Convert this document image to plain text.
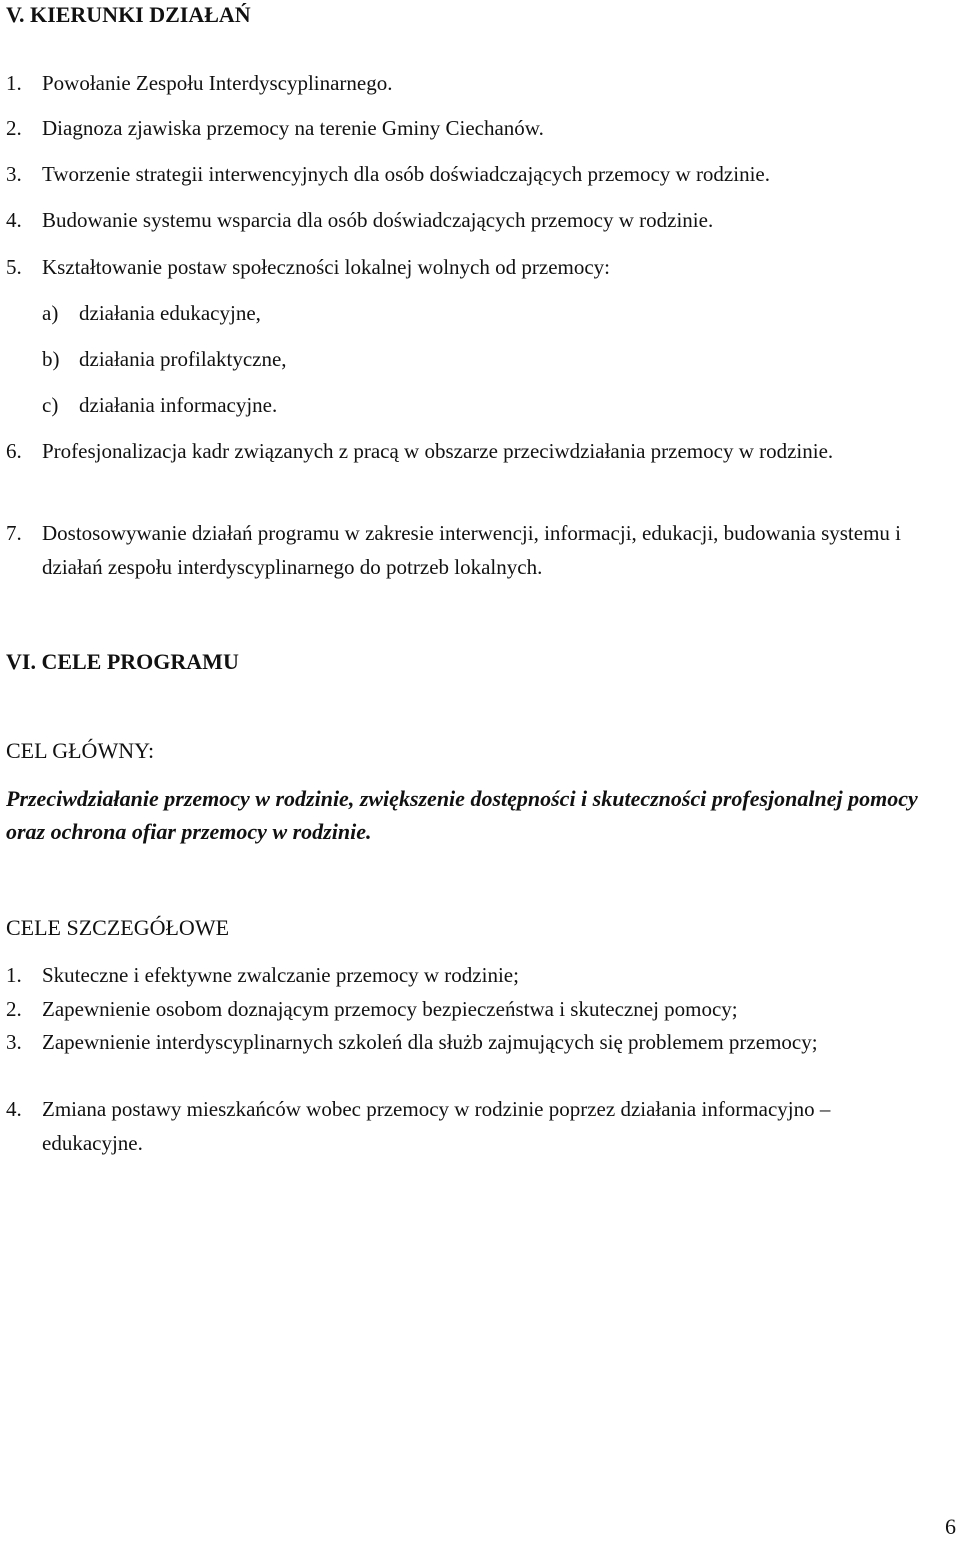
V. KIERUNKI DZIAŁAŃ
1. Powołanie Zespołu Interdyscyplinarnego.
2. Diagnoza zjawiska przemocy na terenie Gminy Ciechanów.
3. Tworzenie strategii interwencyjnych dla osób doświadczających przemocy w rodzinie.
4. Budowanie systemu wsparcia dla osób doświadczających przemocy w rodzinie.
5. Kształtowanie postaw społeczności lokalnej wolnych od przemocy:
a) działania edukacyjne,
b) działania profilaktyczne,
c) działania informacyjne.
6. Profesjonalizacja kadr związanych z pracą w obszarze przeciwdziałania przemocy w rodzinie.
7. Dostosowywanie działań programu w zakresie interwencji, informacji, edukacji, budowania systemu i działań zespołu interdyscyplinarnego do potrzeb lokalnych.
VI. CELE PROGRAMU
CEL GŁÓWNY:
Przeciwdziałanie przemocy w rodzinie, zwiększenie dostępności i skuteczności profesjonalnej pomocy oraz ochrona ofiar przemocy w rodzinie.
CELE SZCZEGÓŁOWE
1. Skuteczne i efektywne zwalczanie przemocy w rodzinie;
2. Zapewnienie osobom doznającym przemocy bezpieczeństwa i skutecznej pomocy;
3. Zapewnienie interdyscyplinarnych szkoleń dla służb zajmujących się problemem przemocy;
4. Zmiana postawy mieszkańców wobec przemocy w rodzinie poprzez działania informacyjno – edukacyjne.
6
